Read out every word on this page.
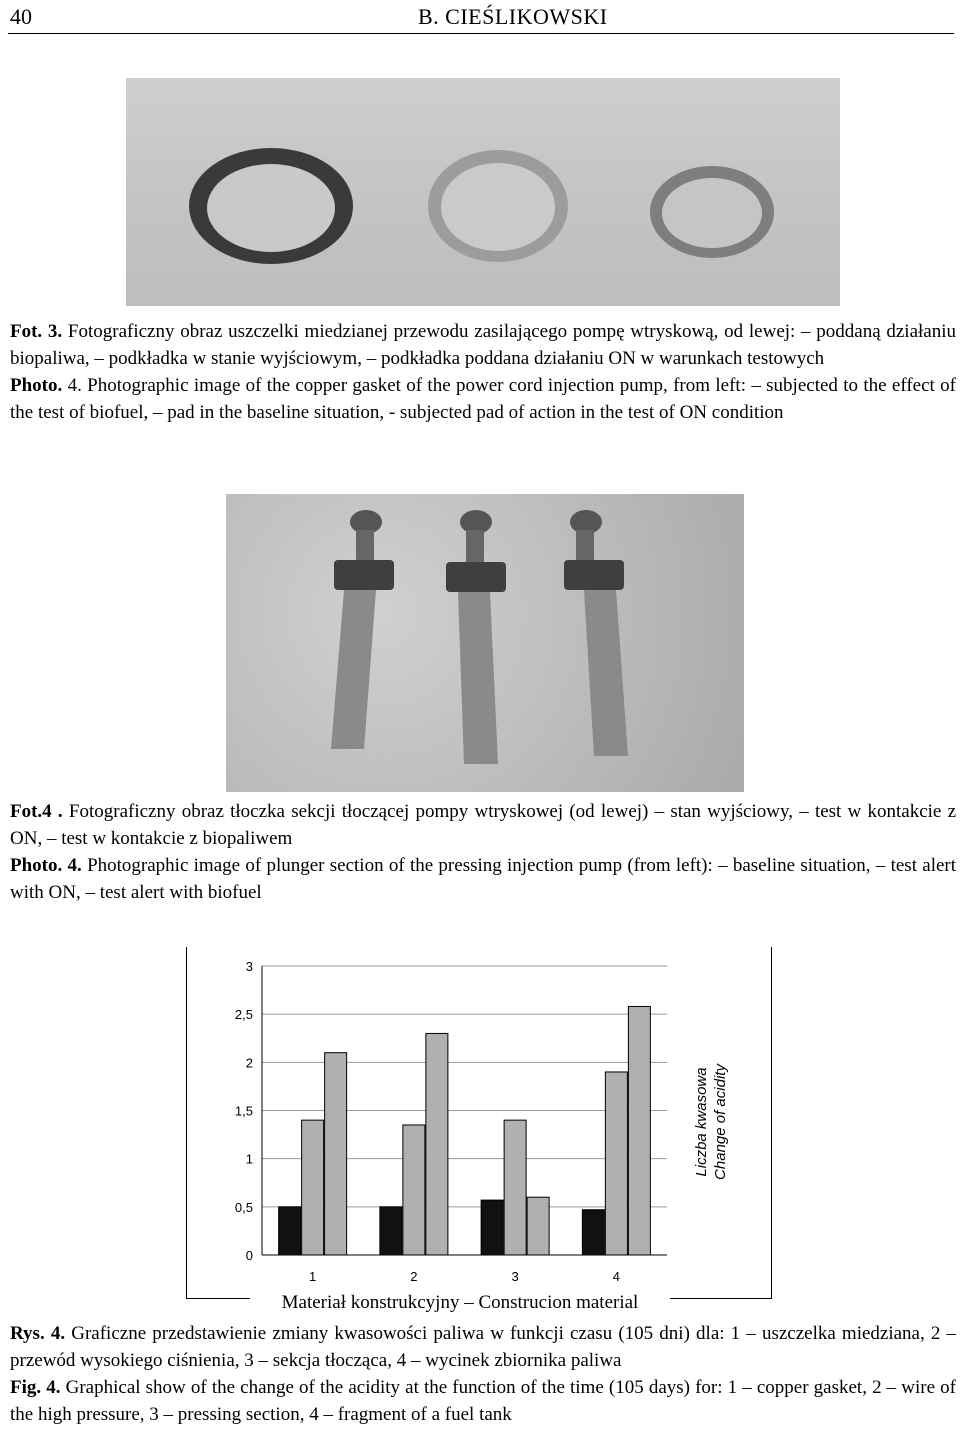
40	B. CIEŚLIKOWSKI
Fot. 3. Fotograficzny obraz uszczelki miedzianej przewodu zasilającego pompę wtryskową, od lewej: – poddaną działaniu biopaliwa, – podkładka w stanie wyjściowym, – podkładka poddana działaniu ON w warunkach testowych
Photo. 4. Photographic image of the copper gasket of the power cord injection pump, from left: – subjected to the effect of the test of biofuel, – pad in the baseline situation, - subjected pad of action in the test of ON condition
Fot.4 . Fotograficzny obraz tłoczka sekcji tłoczącej pompy wtryskowej (od lewej) – stan wyjściowy, – test w kontakcie z ON, – test w kontakcie z biopaliwem
Photo. 4. Photographic image of plunger section of the pressing injection pump (from left): – baseline situation, – test alert with ON, – test alert with biofuel
0
0,5
1
1,5
2
2,5
3
1	2	3	4
Liczba kwasowa Change of acidity
Materiał konstrukcyjny – Construcion material
Rys. 4. Graficzne przedstawienie zmiany kwasowości paliwa w funkcji czasu (105 dni) dla: 1 – uszczelka miedziana, 2 – przewód wysokiego ciśnienia, 3 – sekcja tłocząca, 4 – wycinek zbiornika paliwa
Fig. 4. Graphical show of the change of the acidity at the function of the time (105 days) for: 1 – copper gasket, 2 – wire of the high pressure, 3 – pressing section, 4 – fragment of a fuel tank
